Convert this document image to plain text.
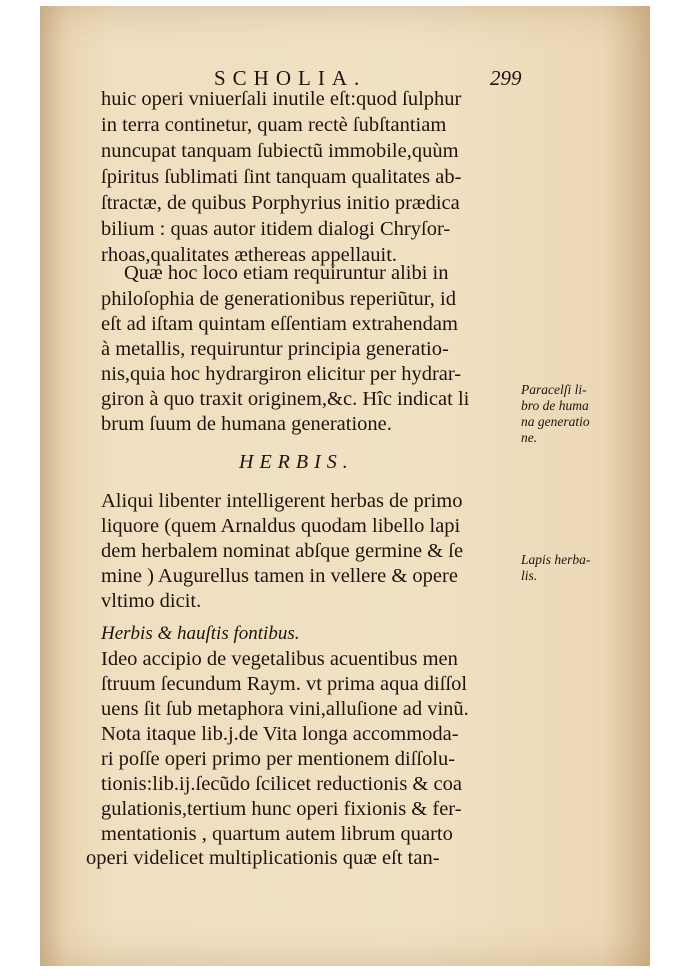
SCHOLIA.	299
huic operi vniuerſali inutile eſt:quod ſulphur
in terra continetur, quam rectè ſubſtantiam
nuncupat tanquam ſubiectũ immobile,quùm
ſpiritus ſublimati ſint tanquam qualitates ab-
ſtractæ, de quibus Porphyrius initio prædica
bilium : quas autor itidem dialogi Chryſor-
rhoas,qualitates æthereas appellauit.
Quæ hoc loco etiam requiruntur alibi in
philoſophia de generationibus reperiũtur, id
eſt ad iſtam quintam eſſentiam extrahendam
à metallis, requiruntur principia generatio-
nis,quia hoc hydrargiron elicitur per hydrar-
giron à quo traxit originem,&c. Hîc indicat li
brum ſuum de humana generatione.
Paracelſi li-
bro de huma
na generatio
ne.
HERBIS.
Aliqui libenter intelligerent herbas de primo
liquore (quem Arnaldus quodam libello lapi
dem herbalem nominat abſque germine & ſe
mine ) Augurellus tamen in vellere & opere
vltimo dicit.
Lapis herba-
lis.
Herbis & hauſtis fontibus.
Ideo accipio de vegetalibus acuentibus men
ſtruum ſecundum Raym. vt prima aqua diſſol
uens ſit ſub metaphora vini,alluſione ad vinũ.
Nota itaque lib.j.de Vita longa accommoda-
ri poſſe operi primo per mentionem diſſolu-
tionis:lib.ij.ſecũdo ſcilicet reductionis & coa
gulationis,tertium hunc operi fixionis & fer-
mentationis , quartum autem librum quarto
operi videlicet multiplicationis quæ eſt tan-
